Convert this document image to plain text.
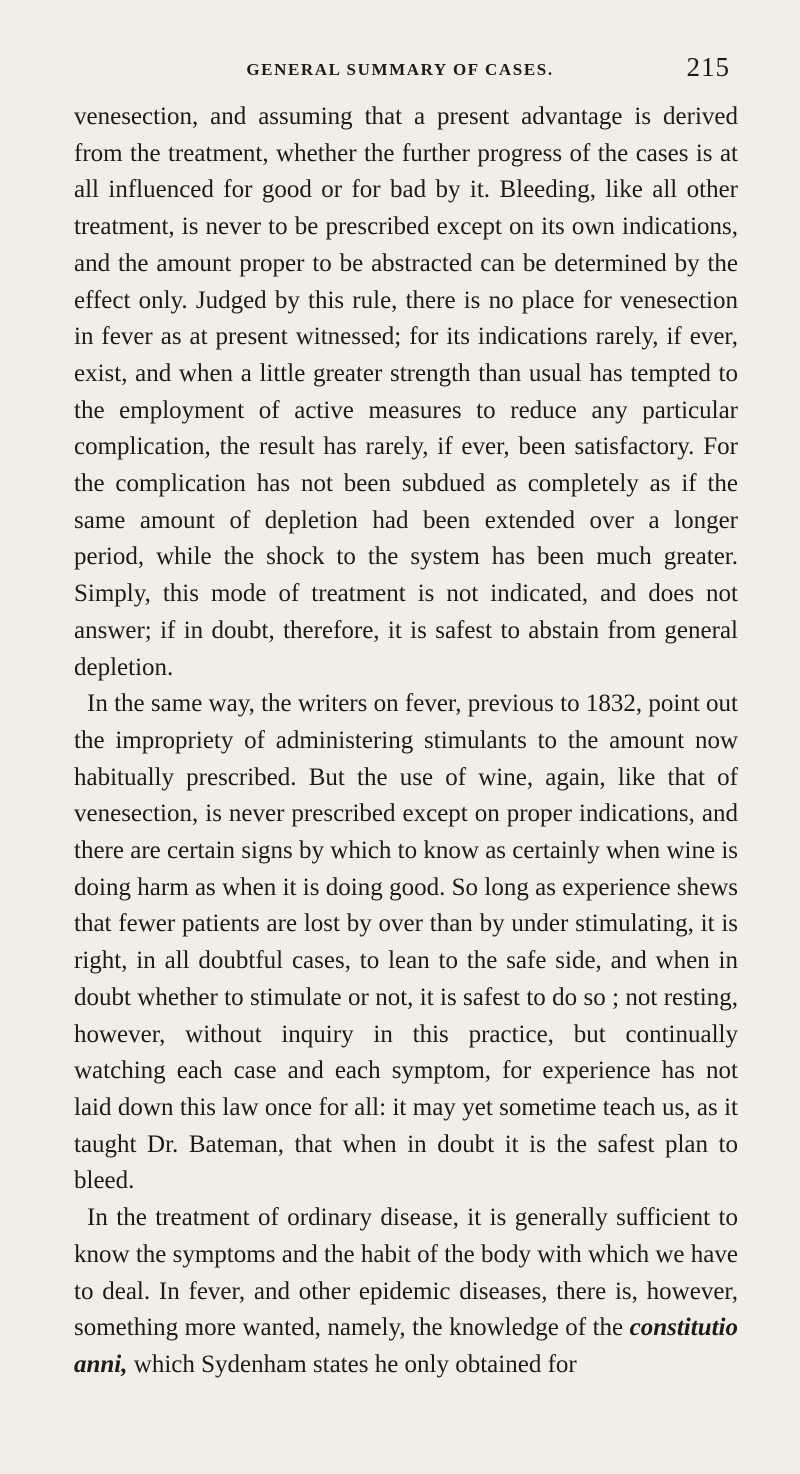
GENERAL SUMMARY OF CASES.	215

venesection, and assuming that a present advantage is derived from the treatment, whether the further progress of the cases is at all influenced for good or for bad by it. Bleeding, like all other treatment, is never to be prescribed except on its own indications, and the amount proper to be abstracted can be determined by the effect only. Judged by this rule, there is no place for venesection in fever as at present witnessed; for its indications rarely, if ever, exist, and when a little greater strength than usual has tempted to the employment of active measures to reduce any particular complication, the result has rarely, if ever, been satisfactory. For the complication has not been subdued as completely as if the same amount of depletion had been extended over a longer period, while the shock to the system has been much greater. Simply, this mode of treatment is not indicated, and does not answer; if in doubt, therefore, it is safest to abstain from general depletion.

In the same way, the writers on fever, previous to 1832, point out the impropriety of administering stimulants to the amount now habitually prescribed. But the use of wine, again, like that of venesection, is never prescribed except on proper indications, and there are certain signs by which to know as certainly when wine is doing harm as when it is doing good. So long as experience shews that fewer patients are lost by over than by under stimulating, it is right, in all doubtful cases, to lean to the safe side, and when in doubt whether to stimulate or not, it is safest to do so ; not resting, however, without inquiry in this practice, but continually watching each case and each symptom, for experience has not laid down this law once for all: it may yet sometime teach us, as it taught Dr. Bateman, that when in doubt it is the safest plan to bleed.

In the treatment of ordinary disease, it is generally sufficient to know the symptoms and the habit of the body with which we have to deal. In fever, and other epidemic diseases, there is, however, something more wanted, namely, the knowledge of the constitutio anni, which Sydenham states he only obtained for
